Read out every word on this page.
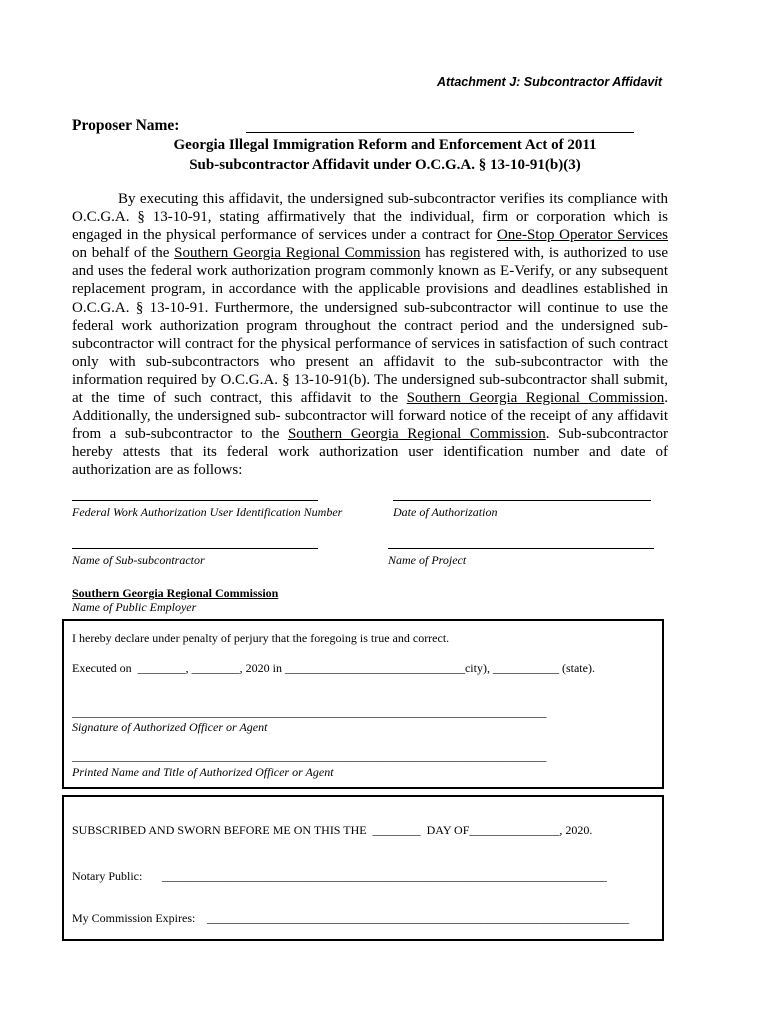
Attachment J: Subcontractor Affidavit
Proposer Name:
Georgia Illegal Immigration Reform and Enforcement Act of 2011
Sub-subcontractor Affidavit under O.C.G.A. § 13-10-91(b)(3)
By executing this affidavit, the undersigned sub-subcontractor verifies its compliance with O.C.G.A. § 13-10-91, stating affirmatively that the individual, firm or corporation which is engaged in the physical performance of services under a contract for One-Stop Operator Services on behalf of the Southern Georgia Regional Commission has registered with, is authorized to use and uses the federal work authorization program commonly known as E-Verify, or any subsequent replacement program, in accordance with the applicable provisions and deadlines established in O.C.G.A. § 13-10-91. Furthermore, the undersigned sub-subcontractor will continue to use the federal work authorization program throughout the contract period and the undersigned sub-subcontractor will contract for the physical performance of services in satisfaction of such contract only with sub-subcontractors who present an affidavit to the sub-subcontractor with the information required by O.C.G.A. § 13-10-91(b). The undersigned sub-subcontractor shall submit, at the time of such contract, this affidavit to the Southern Georgia Regional Commission. Additionally, the undersigned sub- subcontractor will forward notice of the receipt of any affidavit from a sub-subcontractor to the Southern Georgia Regional Commission. Sub-subcontractor hereby attests that its federal work authorization user identification number and date of authorization are as follows:
Federal Work Authorization User Identification Number	Date of Authorization
Name of Sub-subcontractor	Name of Project
Southern Georgia Regional Commission
Name of Public Employer
I hereby declare under penalty of perjury that the foregoing is true and correct.
Executed on  ________, ________, 2020 in ______________________________city), ___________ (state).
_______________________________________________________________________________________
Signature of Authorized Officer or Agent
_______________________________________________________________________________________
Printed Name and Title of Authorized Officer or Agent
SUBSCRIBED AND SWORN BEFORE ME ON THIS THE  ________  DAY OF_______________, 2020.
Notary Public: ______________________________________________________________________________
My Commission Expires: __________________________________________________________________________
